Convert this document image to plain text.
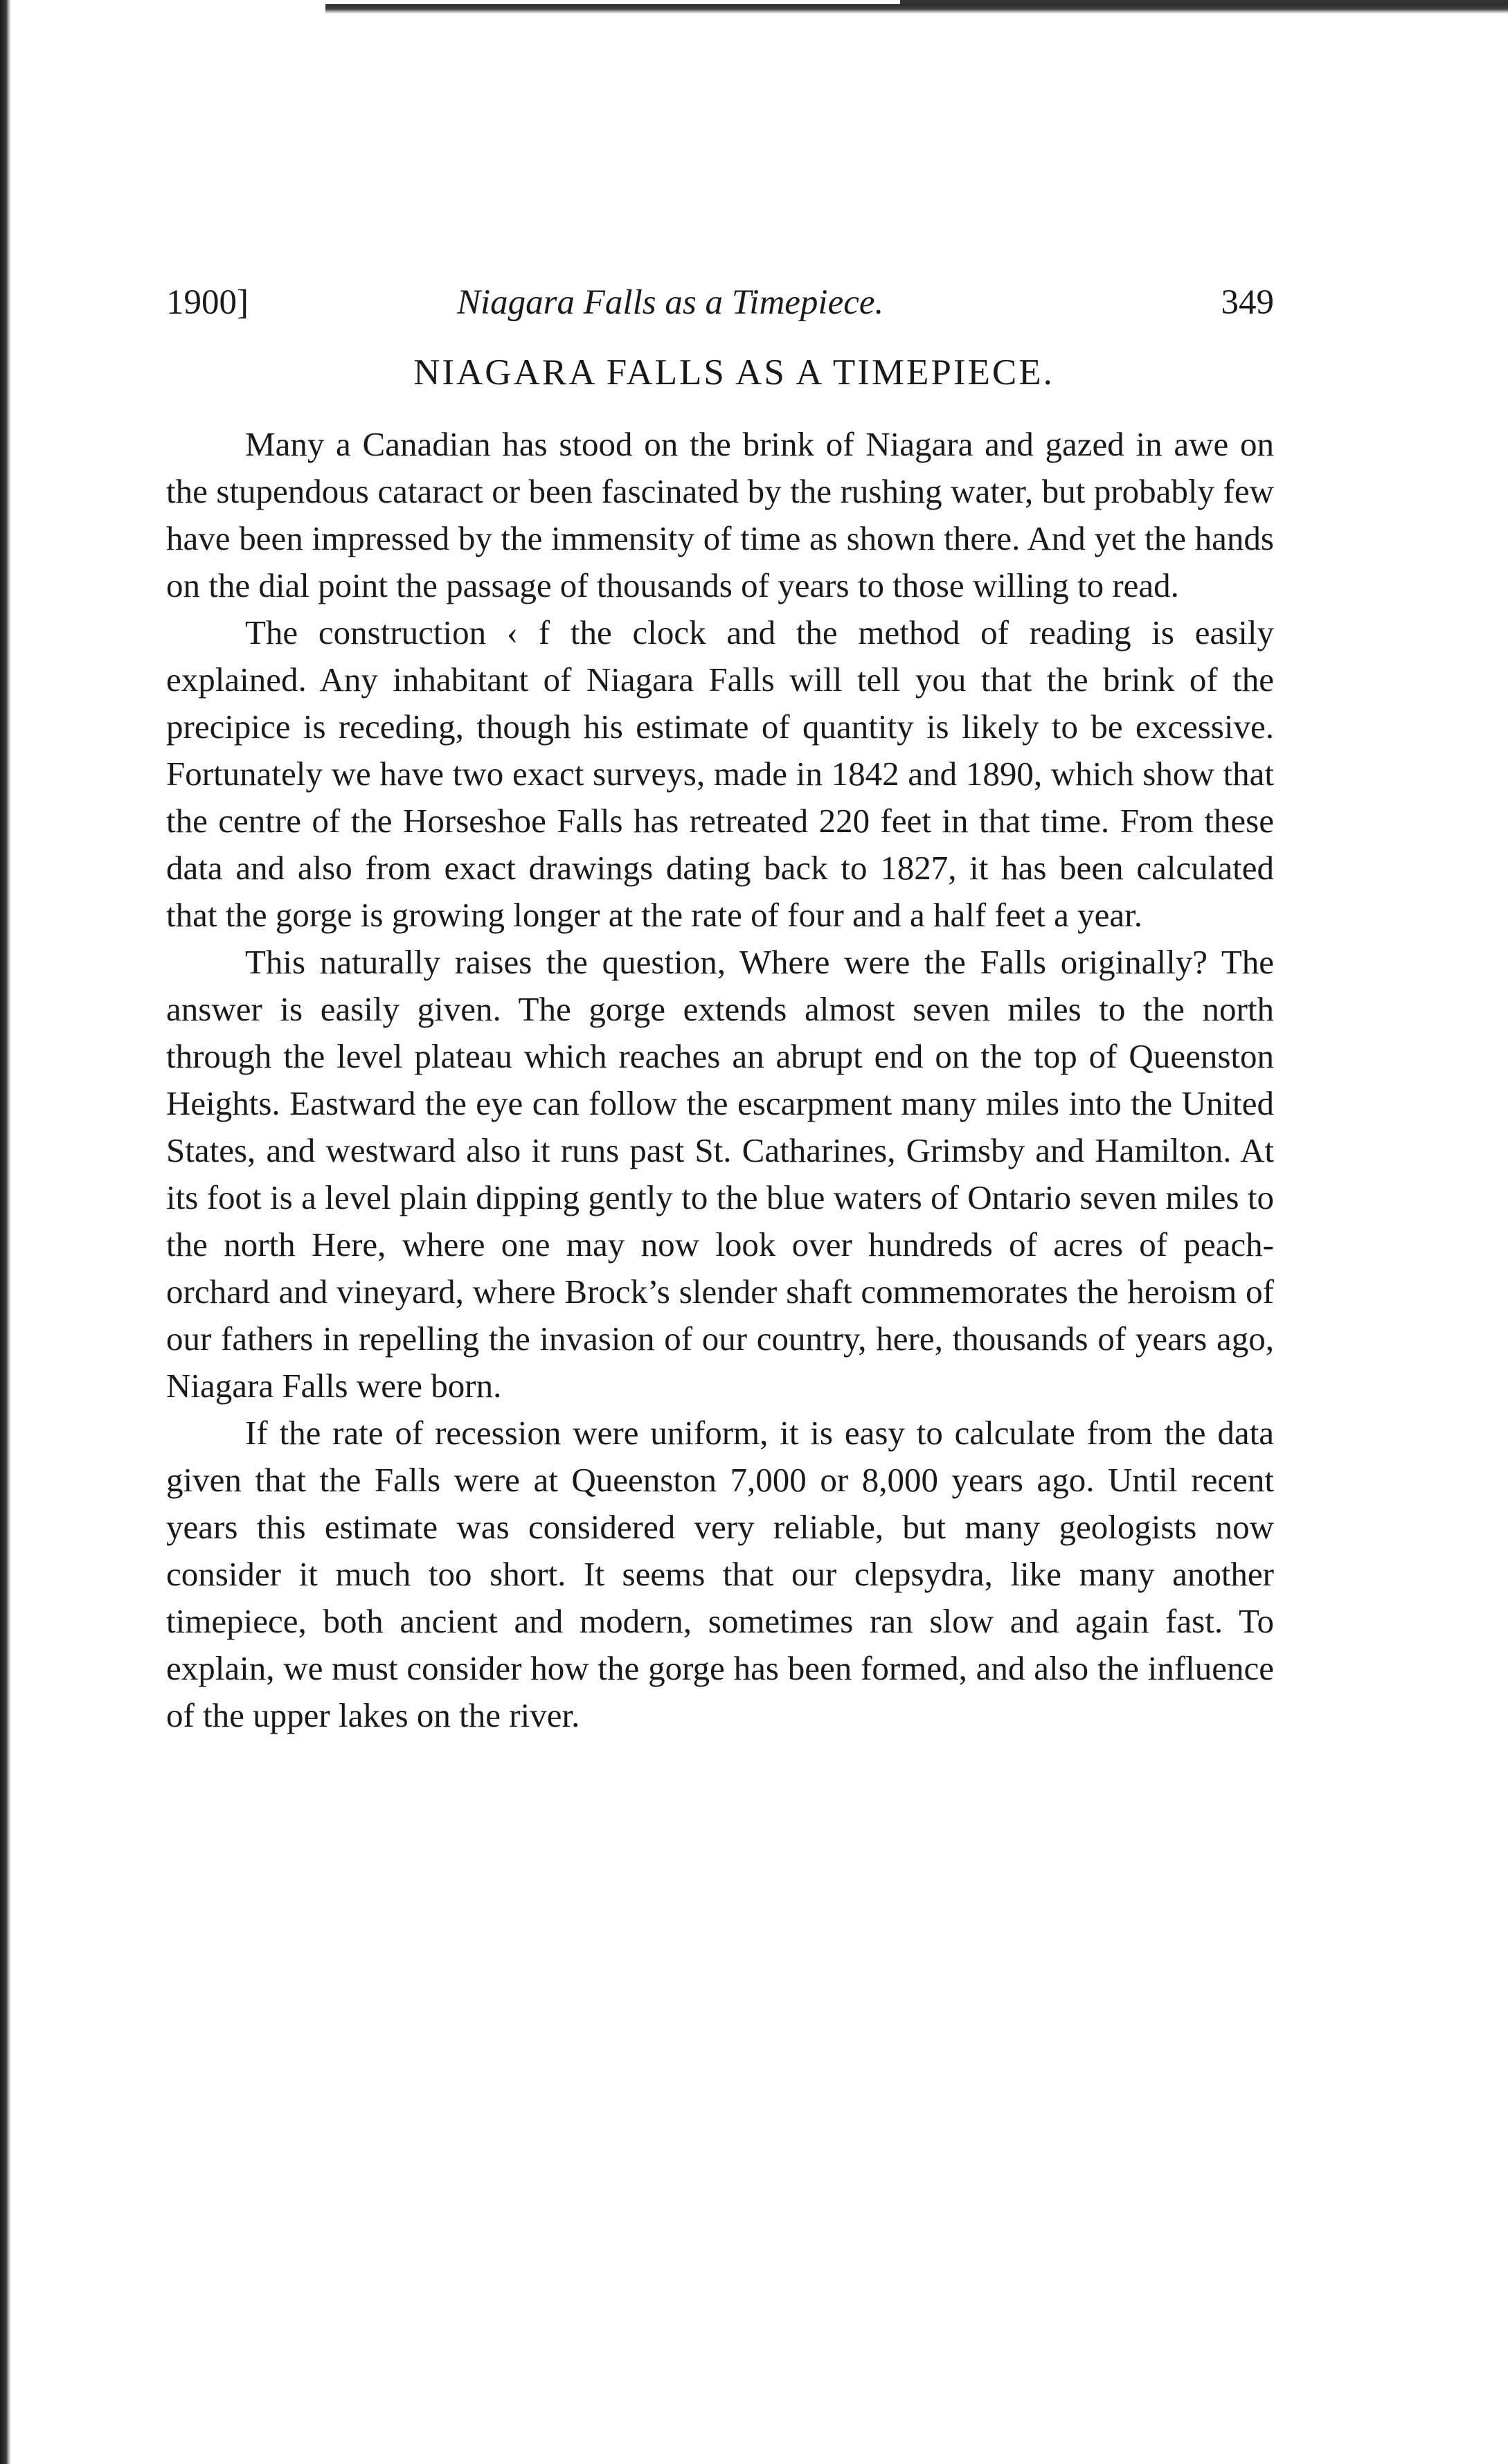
1900]	Niagara Falls as a Timepiece.	349
NIAGARA FALLS AS A TIMEPIECE.

Many a Canadian has stood on the brink of Niagara and gazed in awe on the stupendous cataract or been fascinated by the rushing water, but probably few have been impressed by the immensity of time as shown there. And yet the hands on the dial point the passage of thousands of years to those willing to read.

The construction ‹ f the clock and the method of reading is easily explained. Any inhabitant of Niagara Falls will tell you that the brink of the precipice is receding, though his estimate of quantity is likely to be excessive. Fortunately we have two exact surveys, made in 1842 and 1890, which show that the centre of the Horseshoe Falls has retreated 220 feet in that time. From these data and also from exact drawings dating back to 1827, it has been calculated that the gorge is growing longer at the rate of four and a half feet a year.

This naturally raises the question, Where were the Falls originally? The answer is easily given. The gorge extends almost seven miles to the north through the level plateau which reaches an abrupt end on the top of Queenston Heights. Eastward the eye can follow the escarpment many miles into the United States, and westward also it runs past St. Catharines, Grimsby and Hamilton. At its foot is a level plain dipping gently to the blue waters of Ontario seven miles to the north Here, where one may now look over hundreds of acres of peach-orchard and vineyard, where Brock’s slender shaft commemorates the heroism of our fathers in repelling the invasion of our country, here, thousands of years ago, Niagara Falls were born.

If the rate of recession were uniform, it is easy to calculate from the data given that the Falls were at Queenston 7,000 or 8,000 years ago. Until recent years this estimate was considered very reliable, but many geologists now consider it much too short. It seems that our clepsydra, like many another timepiece, both ancient and modern, sometimes ran slow and again fast. To explain, we must consider how the gorge has been formed, and also the influence of the upper lakes on the river.
